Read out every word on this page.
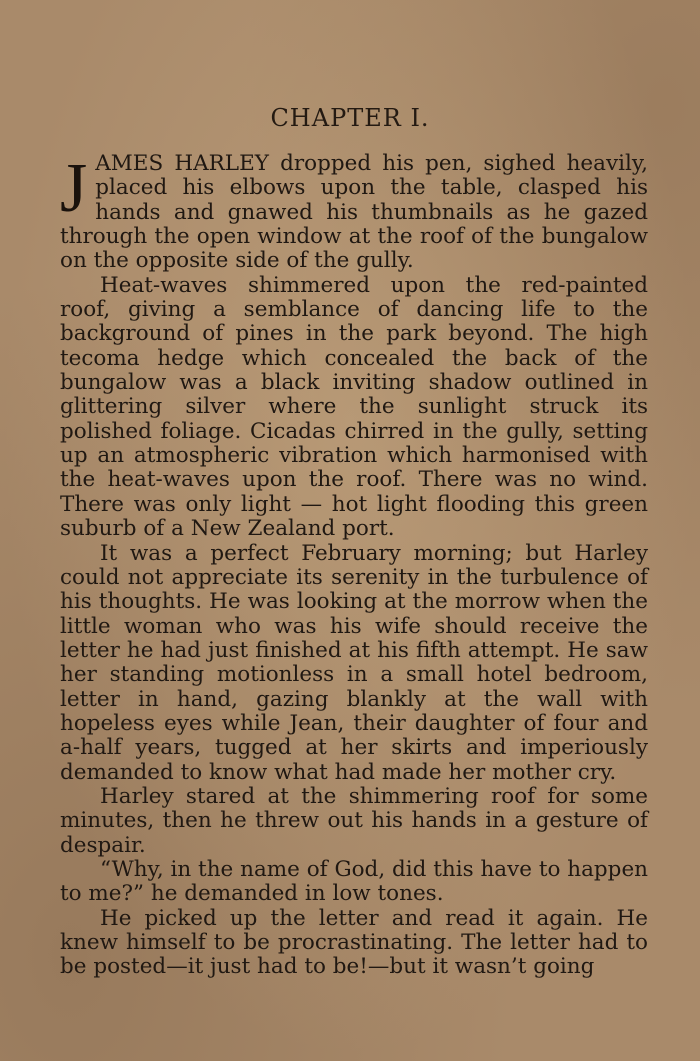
CHAPTER I.

J AMES HARLEY dropped his pen, sighed heavily, placed his elbows upon the table, clasped his hands and gnawed his thumbnails as he gazed through the open window at the roof of the bungalow on the opposite side of the gully.

Heat-waves shimmered upon the red-painted roof, giving a semblance of dancing life to the background of pines in the park beyond. The high tecoma hedge which concealed the back of the bungalow was a black inviting shadow outlined in glittering silver where the sunlight struck its polished foliage. Cicadas chirred in the gully, setting up an atmospheric vibration which harmonised with the heat-waves upon the roof. There was no wind. There was only light — hot light flooding this green suburb of a New Zealand port.

It was a perfect February morning; but Harley could not appreciate its serenity in the turbulence of his thoughts. He was looking at the morrow when the little woman who was his wife should receive the letter he had just finished at his fifth attempt. He saw her standing motionless in a small hotel bedroom, letter in hand, gazing blankly at the wall with hopeless eyes while Jean, their daughter of four and a-half years, tugged at her skirts and imperiously demanded to know what had made her mother cry.

Harley stared at the shimmering roof for some minutes, then he threw out his hands in a gesture of despair.

“Why, in the name of God, did this have to happen to me?” he demanded in low tones.

He picked up the letter and read it again. He knew himself to be procrastinating. The letter had to be posted—it just had to be!—but it wasn’t going
